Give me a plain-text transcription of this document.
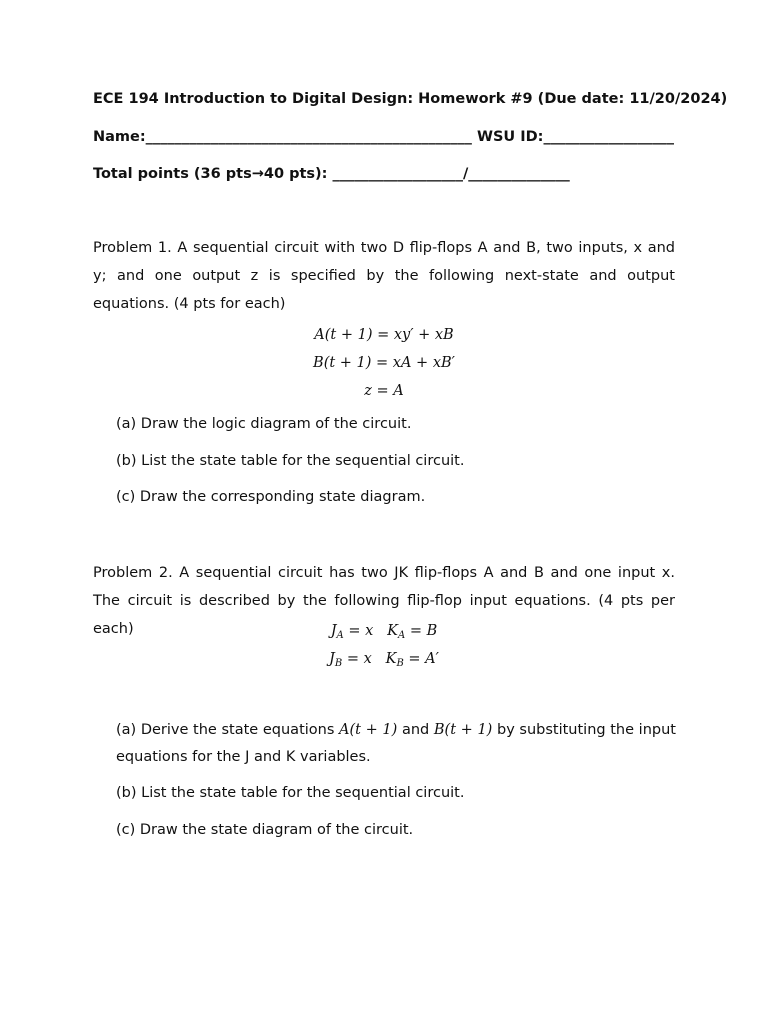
ECE 194 Introduction to Digital Design: Homework #9 (Due date: 11/20/2024)
Name:_____________________________________________ WSU ID:__________________
Total points (36 pts→40 pts): __________________/______________
Problem 1. A sequential circuit with two D flip-flops A and B, two inputs, x and y; and one output z is specified by the following next-state and output equations. (4 pts for each)
A(t + 1) = xy′ + xB
B(t + 1) = xA + xB′
z = A
(a) Draw the logic diagram of the circuit.
(b) List the state table for the sequential circuit.
(c) Draw the corresponding state diagram.
Problem 2. A sequential circuit has two JK flip-flops A and B and one input x. The circuit is described by the following flip-flop input equations. (4 pts per each)	$J_A = x$ $K_A = B$
$J_B = x$ $K_B = A'$
(a) Derive the state equations A(t + 1) and B(t + 1) by substituting the input equations for the J and K variables.
(b) List the state table for the sequential circuit.
(c) Draw the state diagram of the circuit.
